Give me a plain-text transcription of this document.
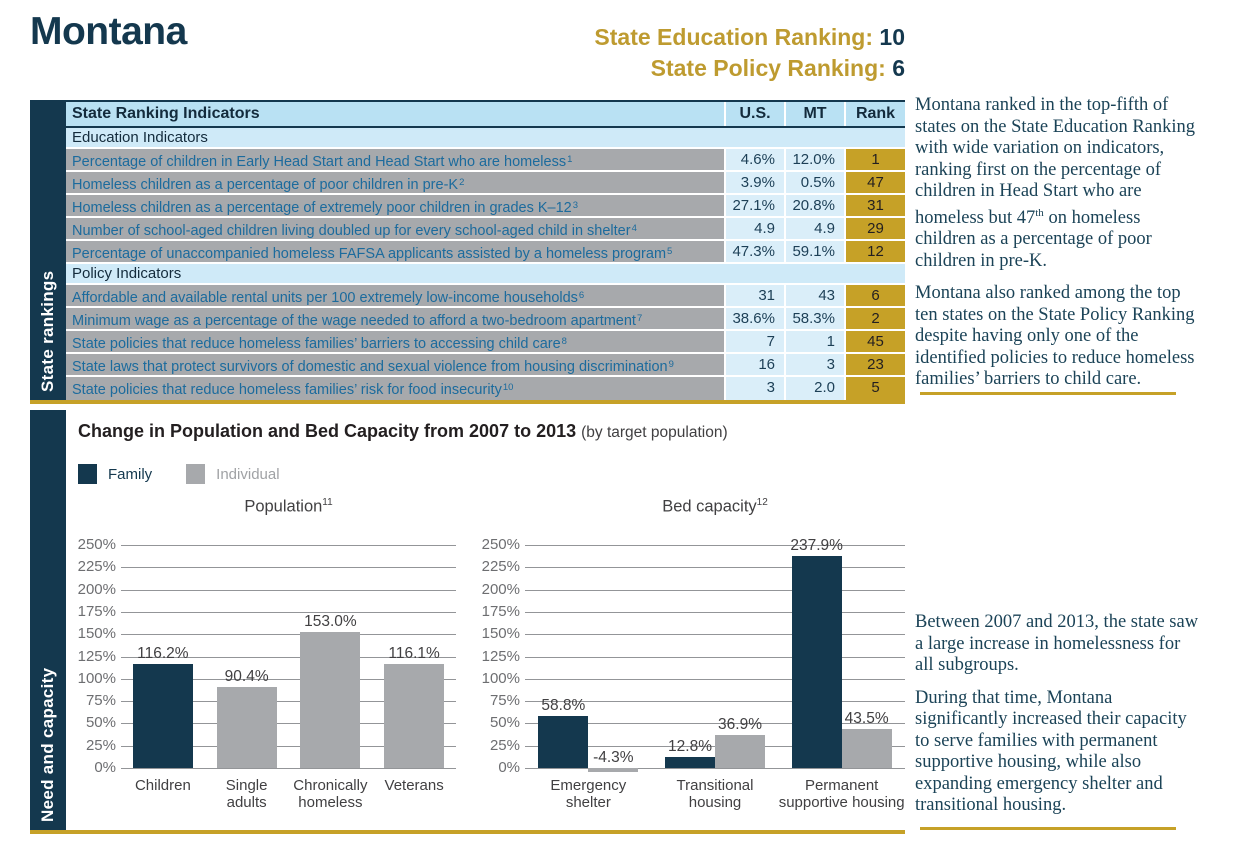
Montana	State Education Ranking: 10
State Policy Ranking: 6
State rankings
State Ranking Indicators	U.S.	MT	Rank
Education Indicators
Percentage of children in Early Head Start and Head Start who are homeless$^1$	4.6%	12.0%	1
Homeless children as a percentage of poor children in pre-K$^2$	3.9%	0.5%	47
Homeless children as a percentage of extremely poor children in grades K–12$^3$	27.1%	20.8%	31
Number of school-aged children living doubled up for every school-aged child in shelter$^4$	4.9	4.9	29
Percentage of unaccompanied homeless FAFSA applicants assisted by a homeless program$^5$	47.3%	59.1%	12
Policy Indicators
Affordable and available rental units per 100 extremely low-income households$^6$	31	43	6
Minimum wage as a percentage of the wage needed to afford a two-bedroom apartment$^7$	38.6%	58.3%	2
State policies that reduce homeless families’ barriers to accessing child care$^8$	7	1	45
State laws that protect survivors of domestic and sexual violence from housing discrimination$^9$	16	3	23
State policies that reduce homeless families’ risk for food insecurity$^{10}$	3	2.0	5

Montana ranked in the top-fifth of states on the State Education Ranking with wide variation on indicators, ranking first on the percentage of children in Head Start who are homeless but 47th on homeless children as a percentage of poor children in pre-K.

Montana also ranked among the top ten states on the State Policy Ranking despite having only one of the identified policies to reduce homeless families’ barriers to child care.

Need and capacity
Change in Population and Bed Capacity from 2007 to 2013 (by target population)
Family	Individual
Population$^{11}$
250%
225%
200%
175%
150%
125%
100%
75%
50%
25%
0%
116.2%
90.4%
153.0%
116.1%
Children Single
adults
Chronically
homeless
Veterans
Bed capacity$^{12}$
250%
225%
200%
175%
150%
125%
100%
75%
50%
25%
0%
58.8%
-4.3%
12.8%
36.9%
237.9%
43.5%
Emergency
shelter
Transitional
housing
Permanent
supportive housing

Between 2007 and 2013, the state saw a large increase in homelessness for all subgroups.

During that time, Montana significantly increased their capacity to serve families with permanent supportive housing, while also expanding emergency shelter and transitional housing.
